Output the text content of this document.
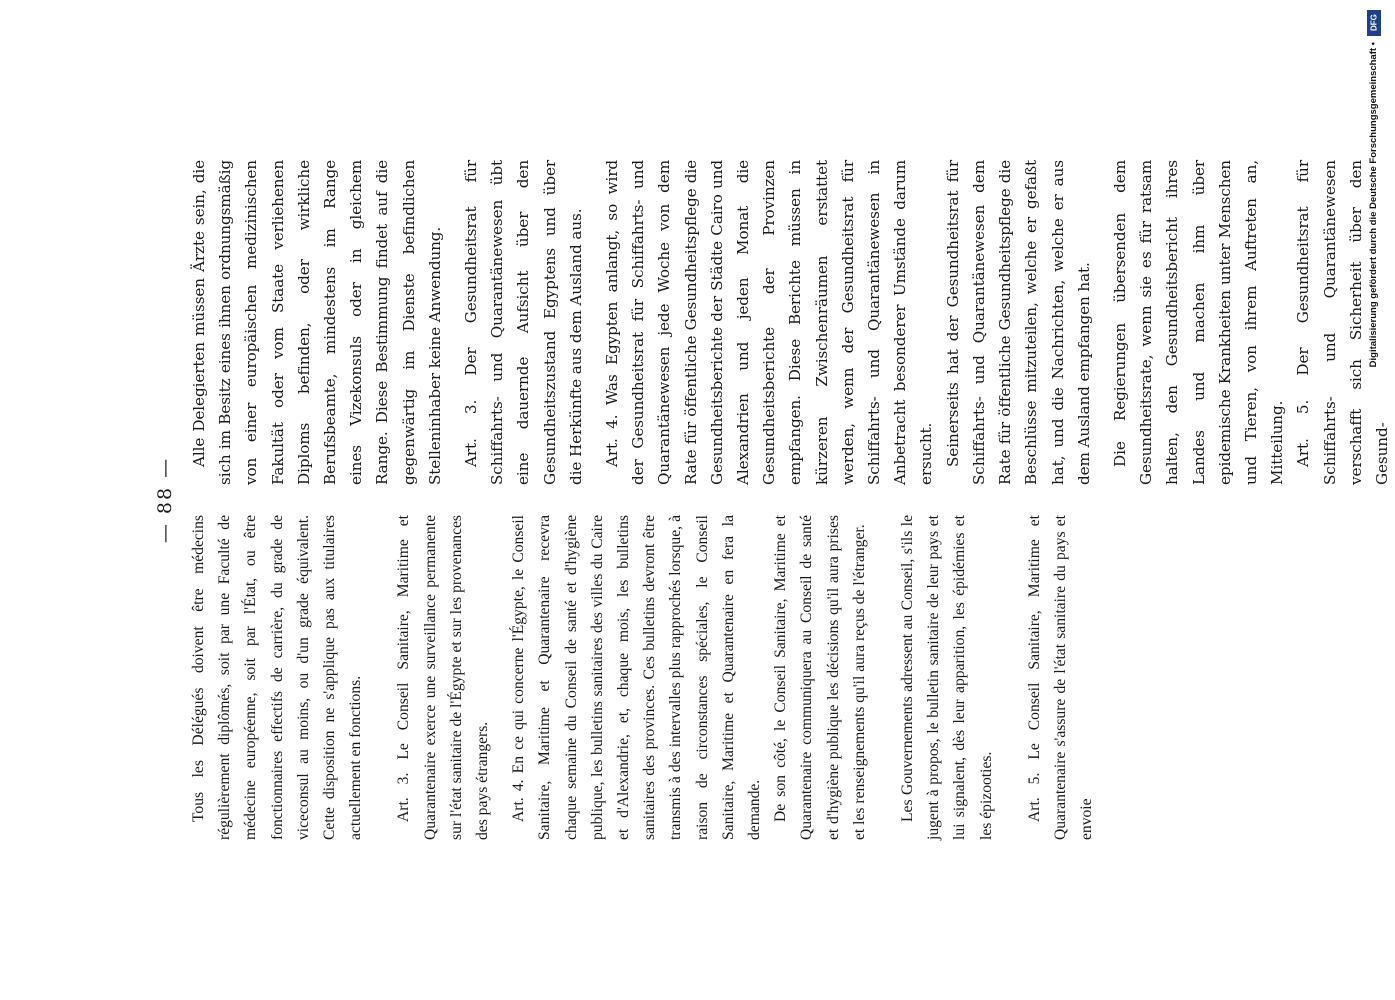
— 88 —

Tous les Délégués doivent être médecins régulièrement diplômés, soit par une Faculté de médecine européenne, soit par l'État, ou être fonctionnaires effectifs de carrière, du grade de viceconsul au moins, ou d'un grade équivalent. Cette disposition ne s'applique pas aux titulaires actuellement en fonctions.	Art. 3. Le Conseil Sanitaire, Maritime et Quarantenaire exerce une surveillance permanente sur l'état sanitaire de l'Égypte et sur les provenances des pays étrangers.	Art. 4. En ce qui concerne l'Égypte, le Conseil Sanitaire, Maritime et Quarantenaire recevra chaque semaine du Conseil de santé et d'hygiène publique, les bulletins sanitaires des villes du Caire et d'Alexandrie, et, chaque mois, les bulletins sanitaires des provinces. Ces bulletins devront être transmis à des intervalles plus rapprochés lorsque, à raison de circonstances spéciales, le Conseil Sanitaire, Maritime et Quarantenaire en fera la demande. De son côté, le Conseil Sanitaire, Maritime et Quarantenaire communiquera au Conseil de santé et d'hygiène publique les décisions qu'il aura prises et les renseignements qu'il aura reçus de l'étranger.	Les Gouvernements adressent au Conseil, s'ils le jugent à propos, le bulletin sanitaire de leur pays et lui signalent, dès leur apparition, les épidémies et les épizooties.	Art. 5. Le Conseil Sanitaire, Maritime et Quarantenaire s'assure de l'état sanitaire du pays et envoie

Alle Delegierten müssen Ärzte sein, die sich im Besitz eines ihnen ordnungsmäßig von einer europäischen medizinischen Fakultät oder vom Staate verliehenen Diploms befinden, oder wirkliche Berufsbeamte, mindestens im Range eines Vizekonsuls oder in gleichem Range. Diese Bestimmung findet auf die gegenwärtig im Dienste befindlichen Stelleninhaber keine Anwendung. Art. 3. Der Gesundheitsrat für Schiffahrts- und Quarantänewesen übt eine dauernde Aufsicht über den Gesundheitszustand Egyptens und über die Herkünfte aus dem Ausland aus. Art. 4. Was Egypten anlangt, so wird der Gesundheitsrat für Schiffahrts- und Quarantänewesen jede Woche von dem Rate für öffentliche Gesundheitspflege die Gesundheitsberichte der Städte Cairo und Alexandrien und jeden Monat die Gesundheitsberichte der Provinzen empfangen. Diese Berichte müssen in kürzeren Zwischenräumen erstattet werden, wenn der Gesundheitsrat für Schiffahrts- und Quarantänewesen in Anbetracht besonderer Umstände darum ersucht. Seinerseits hat der Gesundheitsrat für Schiffahrts- und Quarantänewesen dem Rate für öffentliche Gesundheitspflege die Beschlüsse mitzuteilen, welche er gefaßt hat, und die Nachrichten, welche er aus dem Ausland empfangen hat. Die Regierungen übersenden dem Gesundheitsrate, wenn sie es für ratsam halten, den Gesundheitsbericht ihres Landes und machen ihm über epidemische Krankheiten unter Menschen und Tieren, von ihrem Auftreten an, Mitteilung. Art. 5. Der Gesundheitsrat für Schiffahrts- und Quarantänewesen verschafft sich Sicherheit über den Gesund-

DFG
Digitalisierung gefördert durch die Deutsche Forschungsgemeinschaft •
